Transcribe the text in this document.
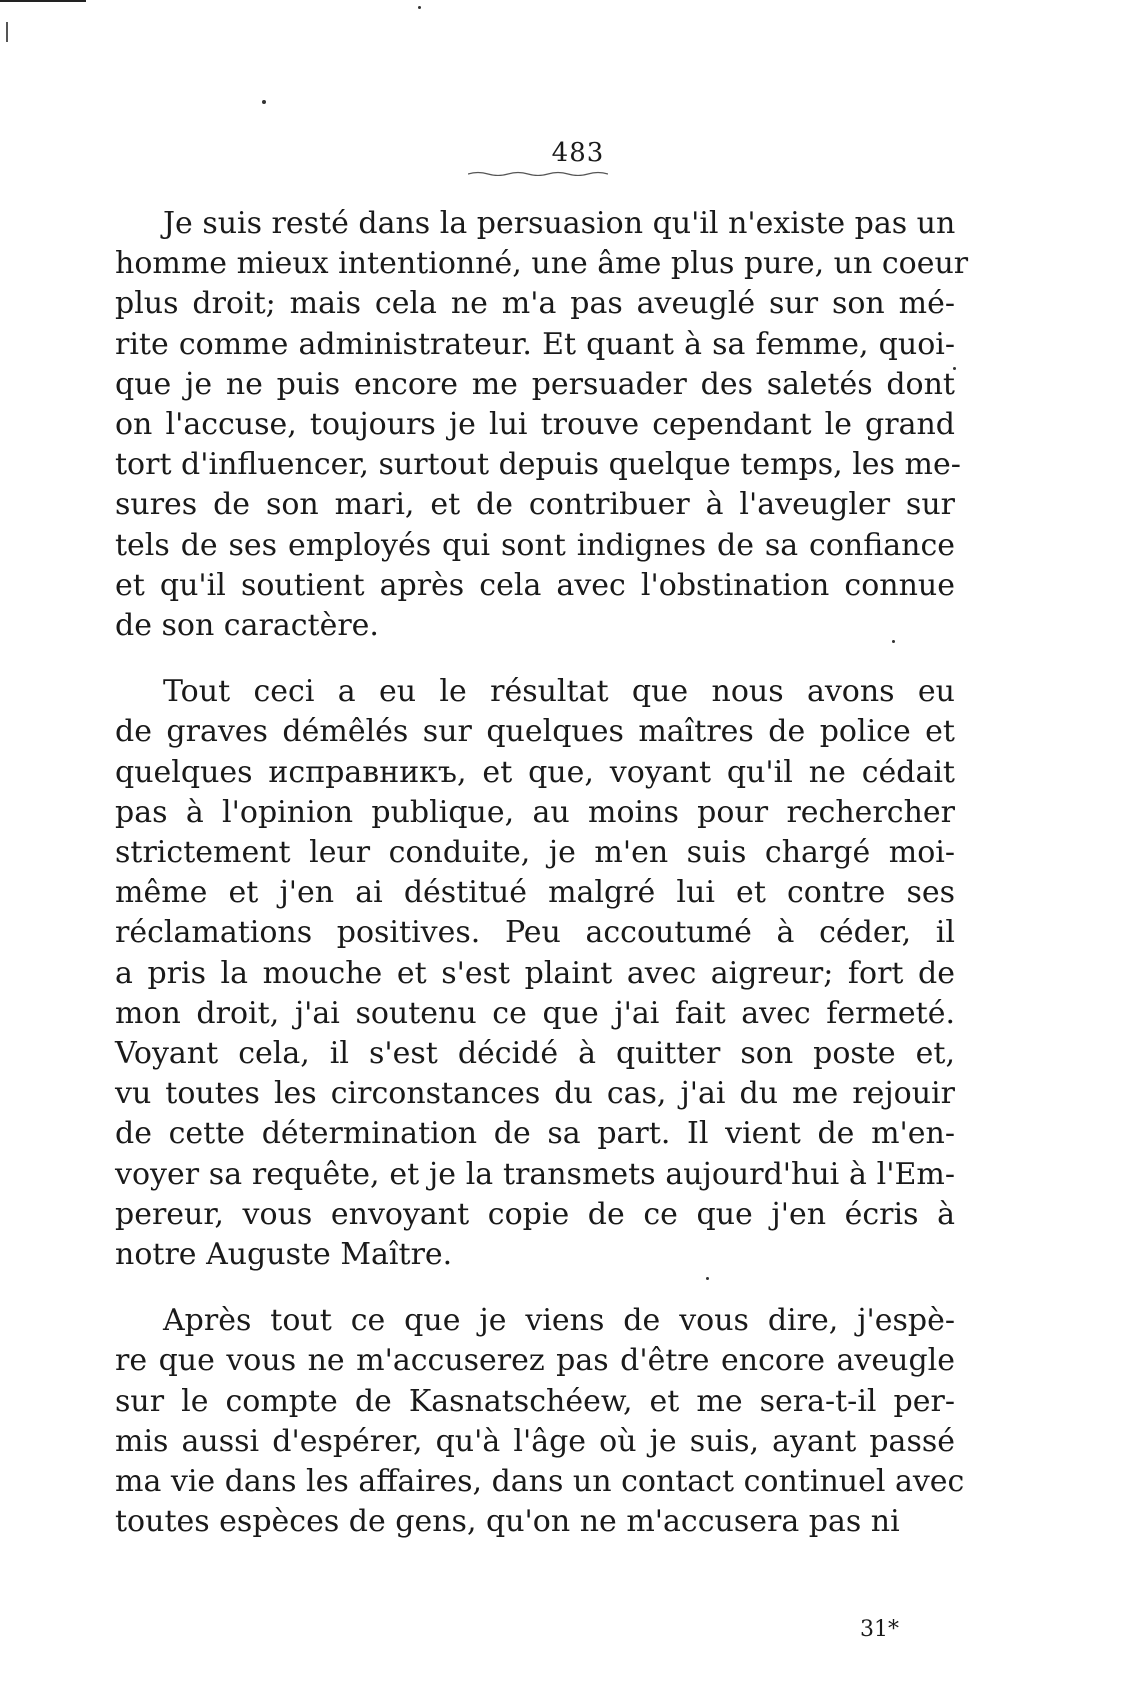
483
Je suis resté dans la persuasion qu'il n'existe pas un
homme mieux intentionné, une âme plus pure, un coeur
plus droit; mais cela ne m'a pas aveuglé sur son mé-
rite comme administrateur. Et quant à sa femme, quoi-
que je ne puis encore me persuader des saletés dont
on l'accuse, toujours je lui trouve cependant le grand
tort d'influencer, surtout depuis quelque temps, les me-
sures de son mari, et de contribuer à l'aveugler sur
tels de ses employés qui sont indignes de sa confiance
et qu'il soutient après cela avec l'obstination connue
de son caractère.
Tout ceci a eu le résultat que nous avons eu
de graves démêlés sur quelques maîtres de police et
quelques исправникъ, et que, voyant qu'il ne cédait
pas à l'opinion publique, au moins pour rechercher
strictement leur conduite, je m'en suis chargé moi-
même et j'en ai déstitué malgré lui et contre ses
réclamations positives. Peu accoutumé à céder, il
a pris la mouche et s'est plaint avec aigreur; fort de
mon droit, j'ai soutenu ce que j'ai fait avec fermeté.
Voyant cela, il s'est décidé à quitter son poste et,
vu toutes les circonstances du cas, j'ai du me rejouir
de cette détermination de sa part. Il vient de m'en-
voyer sa requête, et je la transmets aujourd'hui à l'Em-
pereur, vous envoyant copie de ce que j'en écris à
notre Auguste Maître.
Après tout ce que je viens de vous dire, j'espè-
re que vous ne m'accuserez pas d'être encore aveugle
sur le compte de Kasnatschéew, et me sera-t-il per-
mis aussi d'espérer, qu'à l'âge où je suis, ayant passé
ma vie dans les affaires, dans un contact continuel avec
toutes espèces de gens, qu'on ne m'accusera pas ni
31*
